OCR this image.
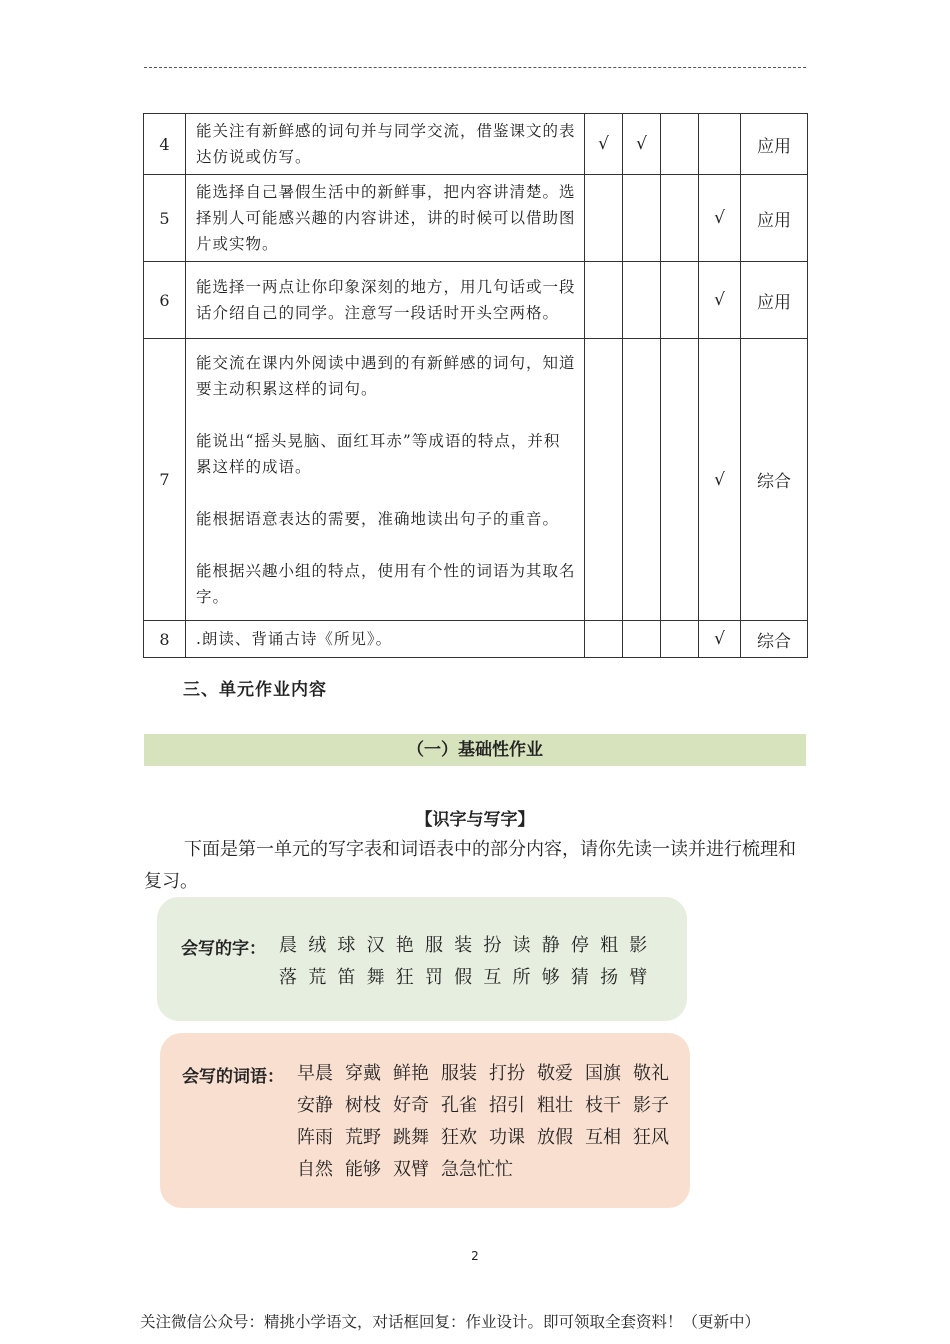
4	能关注有新鲜感的词句并与同学交流，借鉴课文的表达仿说或仿写。	√	√			应用
5	能选择自己暑假生活中的新鲜事，把内容讲清楚。选择别人可能感兴趣的内容讲述，讲的时候可以借助图片或实物。				√	应用
6	能选择一两点让你印象深刻的地方，用几句话或一段话介绍自己的同学。注意写一段话时开头空两格。				√	应用
7	能交流在课内外阅读中遇到的有新鲜感的词句，知道要主动积累这样的词句。

能说出“摇头晃脑、面红耳赤”等成语的特点，并积累这样的成语。

能根据语意表达的需要，准确地读出句子的重音。

能根据兴趣小组的特点，使用有个性的词语为其取名字。				√	综合
8	.朗读、背诵古诗《所见》。				√	综合
三、单元作业内容
（一）基础性作业
【识字与写字】
下面是第一单元的写字表和词语表中的部分内容，请你先读一读并进行梳理和复习。
会写的字： 晨 绒 球 汉 艳 服 装 扮 读 静 停 粗 影
落 荒 笛 舞 狂 罚 假 互 所 够 猜 扬 臂
会写的词语： 早晨 穿戴 鲜艳 服装 打扮 敬爱 国旗 敬礼
安静 树枝 好奇 孔雀 招引 粗壮 枝干 影子
阵雨 荒野 跳舞 狂欢 功课 放假 互相 狂风
自然 能够 双臂 急急忙忙
2
关注微信公众号：精挑小学语文，对话框回复：作业设计。即可领取全套资料！（更新中）
